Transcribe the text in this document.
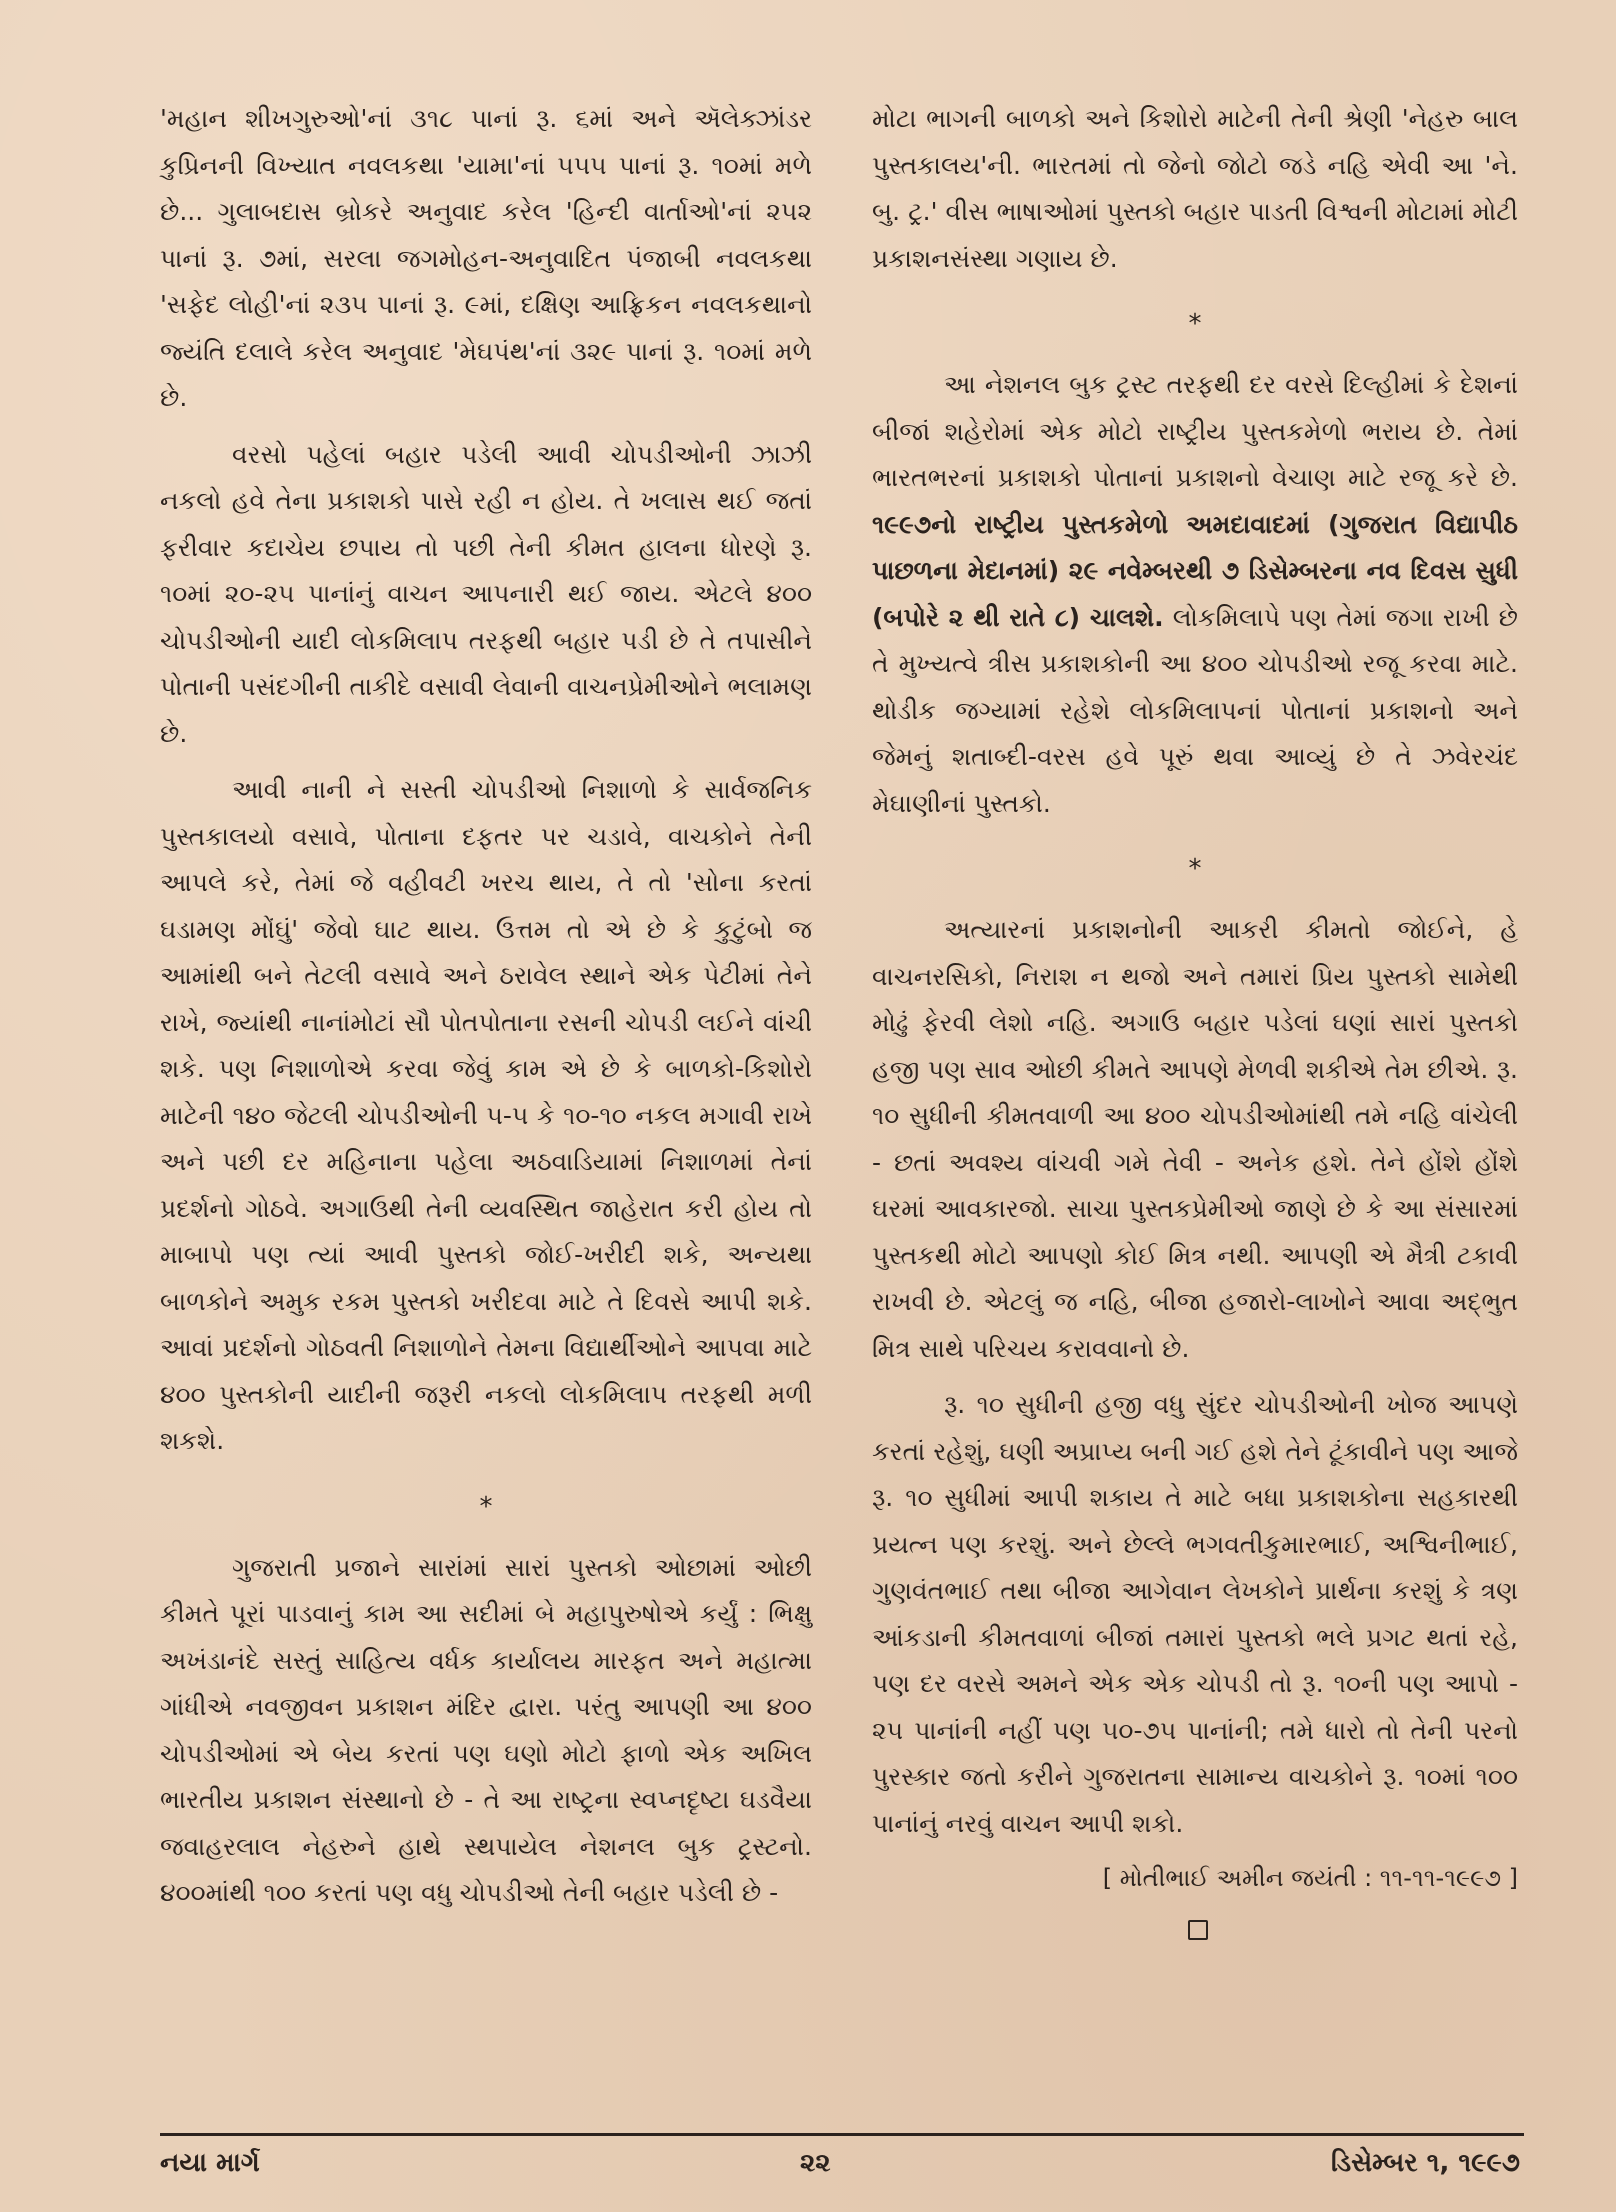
'મહાન શીખગુરુઓ'નાં ૩૧૮ પાનાં રૂ. ૬માં અને ઍલેક્ઝાંડર કુપ્રિનની વિખ્યાત નવલકથા 'યામા'નાં ૫૫૫ પાનાં રૂ. ૧૦માં મળે છે... ગુલાબદાસ બ્રોકરે અનુવાદ કરેલ 'હિન્દી વાર્તાઓ'નાં ૨૫૨ પાનાં રૂ. ૭માં, સરલા જગમોહન-અનુવાદિત પંજાબી નવલકથા 'સફેદ લોહી'નાં ૨૩૫ પાનાં રૂ. ૯માં, દક્ષિણ આફ્રિકન નવલકથાનો જ્યંતિ દલાલે કરેલ અનુવાદ 'મેઘપંથ'નાં ૩૨૯ પાનાં રૂ. ૧૦માં મળે છે.

વરસો પહેલાં બહાર પડેલી આવી ચોપડીઓની ઝાઝી નકલો હવે તેના પ્રકાશકો પાસે રહી ન હોય. તે ખલાસ થઈ જતાં ફરીવાર કદાચેય છપાય તો પછી તેની કીમત હાલના ધોરણે રૂ. ૧૦માં ૨૦-૨૫ પાનાંનું વાચન આપનારી થઈ જાય. એટલે ૪૦૦ ચોપડીઓની યાદી લોકમિલાપ તરફથી બહાર પડી છે તે તપાસીને પોતાની પસંદગીની તાકીદે વસાવી લેવાની વાચનપ્રેમીઓને ભલામણ છે.

આવી નાની ને સસ્તી ચોપડીઓ નિશાળો કે સાર્વજનિક પુસ્તકાલયો વસાવે, પોતાના દફતર પર ચડાવે, વાચકોને તેની આપલે કરે, તેમાં જે વહીવટી ખરચ થાય, તે તો 'સોના કરતાં ઘડામણ મોંઘું' જેવો ઘાટ થાય. ઉત્તમ તો એ છે કે કુટુંબો જ આમાંથી બને તેટલી વસાવે અને ઠરાવેલ સ્થાને એક પેટીમાં તેને રાખે, જ્યાંથી નાનાંમોટાં સૌ પોતપોતાના રસની ચોપડી લઈને વાંચી શકે. પણ નિશાળોએ કરવા જેવું કામ એ છે કે બાળકો-કિશોરો માટેની ૧૪૦ જેટલી ચોપડીઓની ૫-૫ કે ૧૦-૧૦ નકલ મગાવી રાખે અને પછી દર મહિનાના પહેલા અઠવાડિયામાં નિશાળમાં તેનાં પ્રદર્શનો ગોઠવે. અગાઉથી તેની વ્યવસ્થિત જાહેરાત કરી હોય તો માબાપો પણ ત્યાં આવી પુસ્તકો જોઈ-ખરીદી શકે, અન્યથા બાળકોને અમુક રકમ પુસ્તકો ખરીદવા માટે તે દિવસે આપી શકે. આવાં પ્રદર્શનો ગોઠવતી નિશાળોને તેમના વિદ્યાર્થીઓને આપવા માટે ૪૦૦ પુસ્તકોની યાદીની જરૂરી નકલો લોકમિલાપ તરફથી મળી શકશે.

*

ગુજરાતી પ્રજાને સારાંમાં સારાં પુસ્તકો ઓછામાં ઓછી કીમતે પૂરાં પાડવાનું કામ આ સદીમાં બે મહાપુરુષોએ કર્યું : ભિક્ષુ અખંડાનંદે સસ્તું સાહિત્ય વર્ધક કાર્યાલય મારફત અને મહાત્મા ગાંધીએ નવજીવન પ્રકાશન મંદિર દ્વારા. પરંતુ આપણી આ ૪૦૦ ચોપડીઓમાં એ બેય કરતાં પણ ઘણો મોટો ફાળો એક અખિલ ભારતીય પ્રકાશન સંસ્થાનો છે - તે આ રાષ્ટ્રના સ્વપ્નદૃષ્ટા ઘડવૈયા જવાહરલાલ નેહરુને હાથે સ્થપાયેલ નેશનલ બુક ટ્રસ્ટનો. ૪૦૦માંથી ૧૦૦ કરતાં પણ વધુ ચોપડીઓ તેની બહાર પડેલી છે -

મોટા ભાગની બાળકો અને કિશોરો માટેની તેની શ્રેણી 'નેહરુ બાલ પુસ્તકાલય'ની. ભારતમાં તો જેનો જોટો જડે નહિ એવી આ 'ને. બુ. ટ્ર.' વીસ ભાષાઓમાં પુસ્તકો બહાર પાડતી વિશ્વની મોટામાં મોટી પ્રકાશનસંસ્થા ગણાય છે.

*

આ નેશનલ બુક ટ્રસ્ટ તરફથી દર વરસે દિલ્હીમાં કે દેશનાં બીજાં શહેરોમાં એક મોટો રાષ્ટ્રીય પુસ્તકમેળો ભરાય છે. તેમાં ભારતભરનાં પ્રકાશકો પોતાનાં પ્રકાશનો વેચાણ માટે રજૂ કરે છે. ૧૯૯૭નો રાષ્ટ્રીય પુસ્તકમેળો અમદાવાદમાં (ગુજરાત વિદ્યાપીઠ પાછળના મેદાનમાં) ૨૯ નવેમ્બરથી ૭ ડિસેમ્બરના નવ દિવસ સુધી (બપોરે ૨ થી રાતે ૮) ચાલશે. લોકમિલાપે પણ તેમાં જગા રાખી છે તે મુખ્યત્વે ત્રીસ પ્રકાશકોની આ ૪૦૦ ચોપડીઓ રજૂ કરવા માટે. થોડીક જગ્યામાં રહેશે લોકમિલાપનાં પોતાનાં પ્રકાશનો અને જેમનું શતાબ્દી-વરસ હવે પૂરું થવા આવ્યું છે તે ઝવેરચંદ મેઘાણીનાં પુસ્તકો.

*

અત્યારનાં પ્રકાશનોની આકરી કીમતો જોઈને, હે વાચનરસિકો, નિરાશ ન થજો અને તમારાં પ્રિય પુસ્તકો સામેથી મોઢું ફેરવી લેશો નહિ. અગાઉ બહાર પડેલાં ઘણાં સારાં પુસ્તકો હજી પણ સાવ ઓછી કીમતે આપણે મેળવી શકીએ તેમ છીએ. રૂ. ૧૦ સુધીની કીમતવાળી આ ૪૦૦ ચોપડીઓમાંથી તમે નહિ વાંચેલી - છતાં અવશ્ય વાંચવી ગમે તેવી - અનેક હશે. તેને હોંશે હોંશે ઘરમાં આવકારજો. સાચા પુસ્તકપ્રેમીઓ જાણે છે કે આ સંસારમાં પુસ્તકથી મોટો આપણો કોઈ મિત્ર નથી. આપણી એ મૈત્રી ટકાવી રાખવી છે. એટલું જ નહિ, બીજા હજારો-લાખોને આવા અદ્‌ભુત મિત્ર સાથે પરિચય કરાવવાનો છે.

રૂ. ૧૦ સુધીની હજી વધુ સુંદર ચોપડીઓની ખોજ આપણે કરતાં રહેશું, ઘણી અપ્રાપ્ય બની ગઈ હશે તેને ટૂંકાવીને પણ આજે રૂ. ૧૦ સુધીમાં આપી શકાય તે માટે બધા પ્રકાશકોના સહકારથી પ્રયત્ન પણ કરશું. અને છેલ્લે ભગવતીકુમારભાઈ, અશ્વિનીભાઈ, ગુણવંતભાઈ તથા બીજા આગેવાન લેખકોને પ્રાર્થના કરશું કે ત્રણ આંકડાની કીમતવાળાં બીજાં તમારાં પુસ્તકો ભલે પ્રગટ થતાં રહે, પણ દર વરસે અમને એક એક ચોપડી તો રૂ. ૧૦ની પણ આપો - ૨૫ પાનાંની નહીં પણ ૫૦-૭૫ પાનાંની; તમે ધારો તો તેની પરનો પુરસ્કાર જતો કરીને ગુજરાતના સામાન્ય વાચકોને રૂ. ૧૦માં ૧૦૦ પાનાંનું નરવું વાચન આપી શકો.

[ મોતીભાઈ અમીન જયંતી : ૧૧-૧૧-૧૯૯૭ ]
નયા માર્ગ	૨૨	ડિસેમ્બર ૧, ૧૯૯૭
